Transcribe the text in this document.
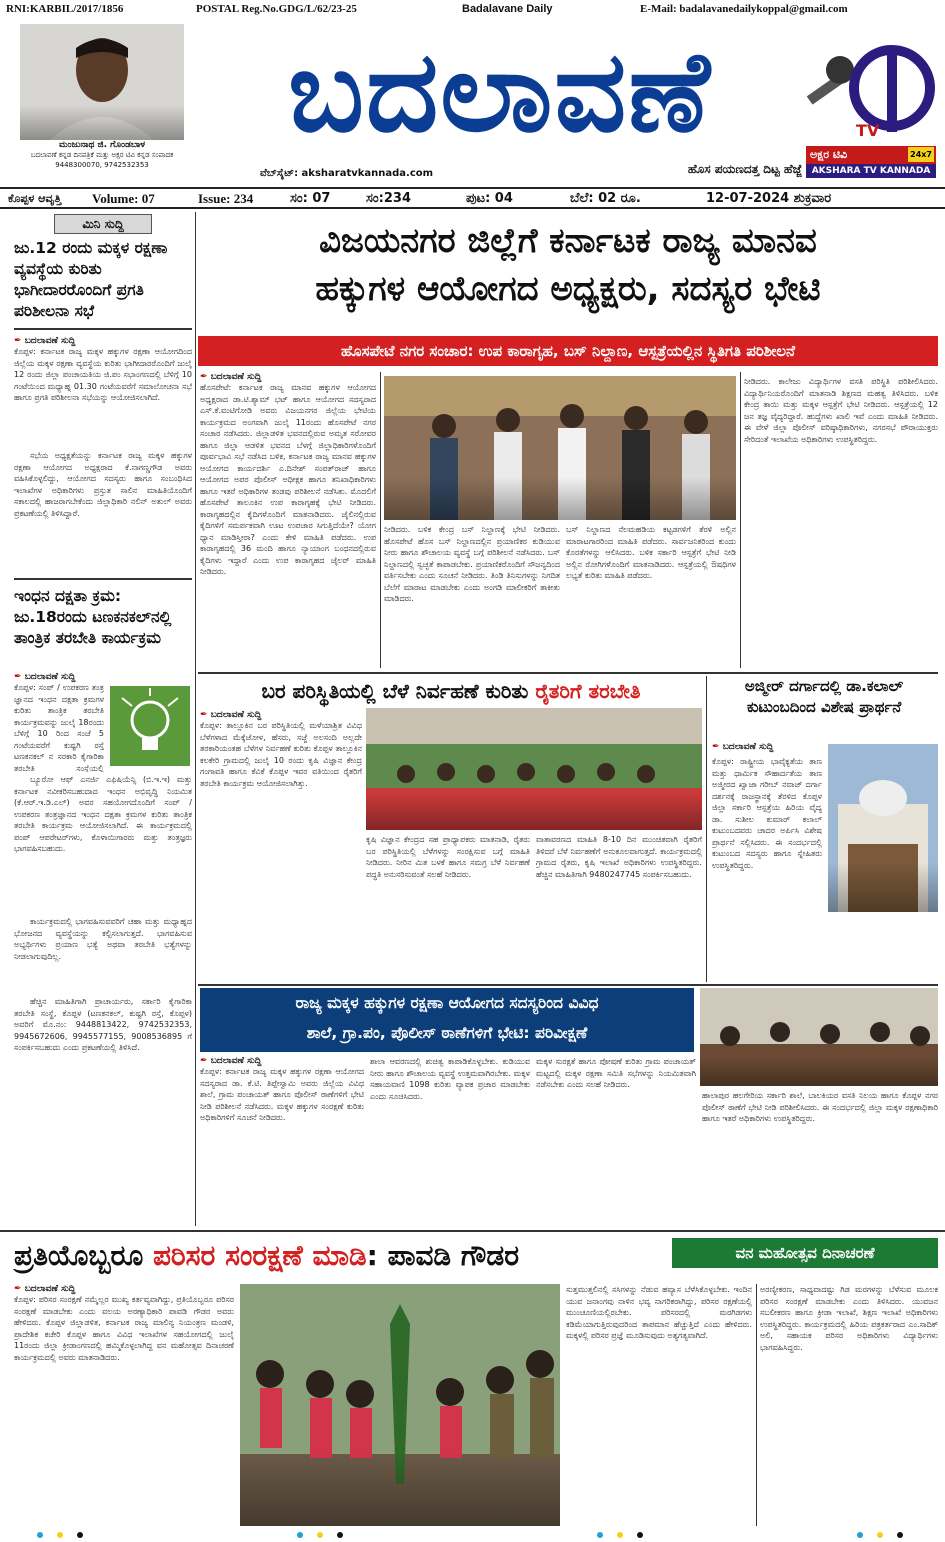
RNI:KARBIL/2017/1856	POSTAL Reg.No.GDG/L/62/23-25	Badalavane Daily	E-Mail: badalavanedailykoppal@gmail.com
ಮಂಜುನಾಥ ಜಿ. ಗೊಂಡಬಾಳ
ಬದಲಾವಣೆ ಕನ್ನಡ ದಿನಪತ್ರಿಕೆ ಮತ್ತು ಅಕ್ಷರ ಟಿವಿ ಕನ್ನಡ ಸಂಪಾದಕ
9448300070, 9742532353
ಬದಲಾವಣೆ
ವೆಬ್‌ಸೈಟ್: aksharatvkannada.com	ಹೊಸ ಪಯಣದತ್ತ ದಿಟ್ಟ ಹೆಜ್ಜೆ
TV
ಅಕ್ಷರ ಟಿವಿ	24x7
AKSHARA TV KANNADA
ಕೊಪ್ಪಳ ಆವೃತ್ತಿ Volume: 07	Issue: 234	ಸಂ: 07	ಸಂ:234	ಪುಟ: 04	ಬೆಲೆ: 02 ರೂ.	12-07-2024 ಶುಕ್ರವಾರ
ಮಿನಿ ಸುದ್ದಿ
ಜು.12 ರಂದು ಮಕ್ಕಳ ರಕ್ಷಣಾ ವ್ಯವಸ್ಥೆಯ ಕುರಿತು ಭಾಗೀದಾರರೊಂದಿಗೆ ಪ್ರಗತಿ ಪರಿಶೀಲನಾ ಸಭೆ
✒ ಬದಲಾವಣೆ ಸುದ್ದಿ
ಕೊಪ್ಪಳ: ಕರ್ನಾಟಕ ರಾಜ್ಯ ಮಕ್ಕಳ ಹಕ್ಕುಗಳ ರಕ್ಷಣಾ ಆಯೋಗದಿಂದ ಜಿಲ್ಲೆಯ ಮಕ್ಕಳ ರಕ್ಷಣಾ ವ್ಯವಸ್ಥೆಯ ಕುರಿತು ಭಾಗೀದಾರರೊಂದಿಗೆ ಜುಲೈ 12 ರಂದು ಜಿಲ್ಲಾ ಪಂಚಾಯತಿಯ ಜಿ.ಪಂ ಸಭಾಂಗಣದಲ್ಲಿ ಬೆಳಿಗ್ಗೆ 10 ಗಂಟೆಯಿಂದ ಮಧ್ಯಾಹ್ನ 01.30 ಗಂಟೆಯವರೆಗೆ ಸಮಾಲೋಚನಾ ಸಭೆ ಹಾಗೂ ಪ್ರಗತಿ ಪರಿಶೀಲನಾ ಸಭೆಯನ್ನು ಆಯೋಜಿಸಲಾಗಿದೆ.
ಸಭೆಯ ಅಧ್ಯಕ್ಷತೆಯನ್ನು ಕರ್ನಾಟಕ ರಾಜ್ಯ ಮಕ್ಕಳ ಹಕ್ಕುಗಳ ರಕ್ಷಣಾ ಆಯೋಗದ ಅಧ್ಯಕ್ಷರಾದ ಕೆ.ನಾಗಣ್ಣಗೌಡ ಅವರು ವಹಿಸಿಕೊಳ್ಳಲಿದ್ದು, ಆಯೋಗದ ಸದಸ್ಯರು ಹಾಗೂ ಸಂಬಂಧಿಸಿದ ಇಲಾಖೆಗಳ ಅಧಿಕಾರಿಗಳು ಪ್ರಸ್ತುತ ಸಾಲಿನ ಮಾಹಿತಿಯೊಂದಿಗೆ ಸಕಾಲದಲ್ಲಿ ಹಾಜರಾಗಬೇಕೆಂದು ಜಿಲ್ಲಾಧಿಕಾರಿ ನಲಿನ್ ಅತುಲ್ ಅವರು ಪ್ರಕಟಣೆಯಲ್ಲಿ ತಿಳಿಸಿದ್ದಾರೆ.
ಇಂಧನ ದಕ್ಷತಾ ಕ್ರಮ: ಜು.18ರಂದು ಟಣಕನಕಲ್‌ನಲ್ಲಿ ತಾಂತ್ರಿಕ ತರಬೇತಿ ಕಾರ್ಯಕ್ರಮ
✒ ಬದಲಾವಣೆ ಸುದ್ದಿ
ಕೊಪ್ಪಳ: ಸಂಪ್ / ಉಪಕರಣ ತಂತ್ರ ಜ್ಞಾನದ ಇಂಧನ ದಕ್ಷತಾ ಕ್ರಮಗಳ ಕುರಿತು ತಾಂತ್ರಿಕ ತರಬೇತಿ ಕಾರ್ಯಕ್ರಮವನ್ನು ಜುಲೈ 18ರಂದು ಬೆಳಿಗ್ಗೆ 10 ರಿಂದ ಸಂಜೆ 5 ಗಂಟೆಯವರೆಗೆ ಕುಷ್ಟಗಿ ರಸ್ತೆ ಟಣಕನಕಲ್ ನ ಸರಕಾರಿ ಕೈಗಾರಿಕಾ ತರಬೇತಿ ಸಂಸ್ಥೆಯಲ್ಲಿ
ಬ್ಯೂರೋ ಆಫ್ ಎನರ್ಜಿ ಎಫಿಷಿಯೆನ್ಸಿ (ಬಿ.ಇ.ಇ) ಮತ್ತು ಕರ್ನಾಟಕ ನವೀಕರಿಸಬಹುದಾದ ಇಂಧನ ಅಭಿವೃದ್ಧಿ ನಿಯಮಿತ (ಕೆ.ಆರ್.ಇ.ಡಿ.ಎಲ್) ಅವರ ಸಹಯೋಗದೊಂದಿಗೆ ಸಂಪ್ / ಉಪಕರಣ ತಂತ್ರಜ್ಞಾನದ ಇಂಧನ ದಕ್ಷತಾ ಕ್ರಮಗಳ ಕುರಿತು ತಾಂತ್ರಿಕ ತರಬೇತಿ ಕಾರ್ಯಕ್ರಮ ಆಯೋಜಿಸಲಾಗಿದೆ. ಈ ಕಾರ್ಯಕ್ರಮದಲ್ಲಿ ಪಂಪ್ ಆಪರೇಟರ್‌ಗಳು, ಕೊಳಾಯಿಗಾರರು ಮತ್ತು ತಂತ್ರಜ್ಞರು ಭಾಗವಹಿಸಬಹುದು.
ಕಾರ್ಯಕ್ರಮದಲ್ಲಿ ಭಾಗವಹಿಸುವವರಿಗೆ ಚಹಾ ಮತ್ತು ಮಧ್ಯಾಹ್ನದ ಭೋಜನದ ವ್ಯವಸ್ಥೆಯನ್ನು ಕಲ್ಪಿಸಲಾಗುತ್ತದೆ. ಭಾಗವಹಿಸುವ ಅಭ್ಯರ್ಥಿಗಳು ಪ್ರಯಾಣ ಭತ್ಯೆ ಅಥವಾ ತರಬೇತಿ ಭತ್ಯೆಗಳನ್ನು ನೀಡಲಾಗುವುದಿಲ್ಲ.
ಹೆಚ್ಚಿನ ಮಾಹಿತಿಗಾಗಿ ಪ್ರಾಚಾರ್ಯರು, ಸರ್ಕಾರಿ ಕೈಗಾರಿಕಾ ತರಬೇತಿ ಸಂಸ್ಥೆ, ಕೊಪ್ಪಳ (ಟಣಕನಕಲ್, ಕುಷ್ಟಗಿ ರಸ್ತೆ, ಕೊಪ್ಪಳ) ಅವರಿಗೆ ಮೊ.ನಂ: 9448813422, 9742532353, 9945672606, 9945577155, 9008536895 ಗೆ ಸಂಪರ್ಕಿಸಬಹುದು ಎಂದು ಪ್ರಕಟಣೆಯಲ್ಲಿ ತಿಳಿಸಿದೆ.
ವಿಜಯನಗರ ಜಿಲ್ಲೆಗೆ ಕರ್ನಾಟಕ ರಾಜ್ಯ ಮಾನವ
ಹಕ್ಕುಗಳ ಆಯೋಗದ ಅಧ್ಯಕ್ಷರು, ಸದಸ್ಯರ ಭೇಟಿ
ಹೊಸಪೇಟೆ ನಗರ ಸಂಚಾರ: ಉಪ ಕಾರಾಗೃಹ, ಬಸ್ ನಿಲ್ದಾಣ, ಆಸ್ಪತ್ರೆಯಲ್ಲಿನ ಸ್ಥಿತಿಗತಿ ಪರಿಶೀಲನೆ
✒ ಬದಲಾವಣೆ ಸುದ್ದಿ
ಹೊಸಪೇಟೆ: ಕರ್ನಾಟಕ ರಾಜ್ಯ ಮಾನವ ಹಕ್ಕುಗಳ ಆಯೋಗದ ಅಧ್ಯಕ್ಷರಾದ ಡಾ.ಟಿ.ಶ್ಯಾಮ್ ಭಟ್ ಹಾಗೂ ಆಯೋಗದ ಸದಸ್ಯರಾದ ಎಸ್.ಕೆ.ವಂಟಿಗೋಡಿ ಅವರು ವಿಜಯನಗರ ಜಿಲ್ಲೆಯ ಭೇಟಿಯ ಕಾರ್ಯಕ್ರಮದ ಅಂಗವಾಗಿ ಜುಲೈ 11ರಂದು ಹೊಸಪೇಟೆ ನಗರ ಸಂಚಾರ ನಡೆಸಿದರು. ಜಿಲ್ಲಾಡಳಿತ ಭವನದಲ್ಲಿರುವ ಅಮೃತ ಸರೋವರ ಹಾಗೂ ಜಿಲ್ಲಾ ಆಡಳಿತ ಭವನದ ಬೆಳಗ್ಗೆ ಜಿಲ್ಲಾಧಿಕಾರಿಗಳೊಂದಿಗೆ ಪೂರ್ವಭಾವಿ ಸಭೆ ನಡೆಸಿದ ಬಳಿಕ, ಕರ್ನಾಟಕ ರಾಜ್ಯ ಮಾನವ ಹಕ್ಕುಗಳ ಆಯೋಗದ ಕಾರ್ಯದರ್ಶಿ ಎ.ದಿನೇಶ್ ಸಂಪತ್‌ರಾಜ್ ಹಾಗೂ ಆಯೋಗದ ಅಪರ ಪೊಲೀಸ್ ಅಧೀಕ್ಷಕ ಹಾಗೂ ತನಿಖಾಧಿಕಾರಿಗಳು ಹಾಗೂ ಇತರೆ ಅಧಿಕಾರಿಗಳ ತಂಡವು ಪರಿಶೀಲನೆ ನಡೆಸಿತು. ಮೊದಲಿಗೆ ಹೊಸಪೇಟೆ ತಾಲೂಕಿನ ಉಪ ಕಾರಾಗೃಹಕ್ಕೆ ಭೇಟಿ ನೀಡಿದರು. ಕಾರಾಗೃಹದಲ್ಲಿನ ಕೈದಿಗಳೊಂದಿಗೆ ಮಾತನಾಡಿದರು. ಜೈಲಿನಲ್ಲಿರುವ ಕೈದಿಗಳಿಗೆ ಸಮರ್ಪಕವಾಗಿ ಊಟ ಉಪಚಾರ ಸಿಗುತ್ತಿದೆಯೇ? ಯೋಗ ಧ್ಯಾನ ಮಾಡಿಸ್ತೀರಾ? ಎಂದು ಕೇಳಿ ಮಾಹಿತಿ ಪಡೆದರು. ಉಪ ಕಾರಾಗೃಹದಲ್ಲಿ 36 ಮಂದಿ ಹಾಗೂ ನ್ಯಾಯಾಂಗ ಬಂಧನದಲ್ಲಿರುವ ಕೈದಿಗಳು ಇದ್ದಾರೆ ಎಂದು ಉಪ ಕಾರಾಗೃಹದ ಜೈಲರ್ ಮಾಹಿತಿ ನೀಡಿದರು.
ನೀಡಿದರು. ಬಳಿಕ ಕೇಂದ್ರ ಬಸ್ ನಿಲ್ದಾಣಕ್ಕೆ ಭೇಟಿ ನೀಡಿದರು. ಹೊಸಪೇಟೆ ಹೊಸ ಬಸ್ ನಿಲ್ದಾಣದಲ್ಲಿನ ಪ್ರಯಾಣಿಕರ ಕುಡಿಯುವ ನೀರು ಹಾಗೂ ಶೌಚಾಲಯ ವ್ಯವಸ್ಥೆ ಬಗ್ಗೆ ಪರಿಶೀಲನೆ ನಡೆಸಿದರು. ಬಸ್ ನಿಲ್ದಾಣದಲ್ಲಿ ಸ್ವಚ್ಛತೆ ಕಾಪಾಡಬೇಕು. ಪ್ರಯಾಣಿಕರೊಂದಿಗೆ ಸೌಜನ್ಯದಿಂದ ವರ್ತಿಸಬೇಕು ಎಂದು ಸೂಚನೆ ನೀಡಿದರು. ತಿಂಡಿ ತಿನಿಸುಗಳನ್ನು ನಿಗದಿತ ಬೆಲೆಗೆ ಮಾರಾಟ ಮಾಡಬೇಕು ಎಂದು ಅಂಗಡಿ ಮಾಲೀಕರಿಗೆ ತಾಕೀತು ಮಾಡಿದರು.
ಬಸ್ ನಿಲ್ದಾಣದ ನೆಲಮಹಡಿಯ ಕಟ್ಟಡಗಳಿಗೆ ತೆರಳಿ ಅಲ್ಲಿನ ಮಾರಾಟಗಾರರಿಂದ ಮಾಹಿತಿ ಪಡೆದರು. ಸಾರ್ವಜನಿಕರಿಂದ ಕುಂದು ಕೊರತೆಗಳನ್ನು ಆಲಿಸಿದರು. ಬಳಿಕ ಸರ್ಕಾರಿ ಆಸ್ಪತ್ರೆಗೆ ಭೇಟಿ ನೀಡಿ ಅಲ್ಲಿನ ರೋಗಿಗಳೊಂದಿಗೆ ಮಾತನಾಡಿದರು. ಆಸ್ಪತ್ರೆಯಲ್ಲಿ ಔಷಧಿಗಳ ಲಭ್ಯತೆ ಕುರಿತು ಮಾಹಿತಿ ಪಡೆದರು.
ನೀಡಿದರು. ಕಾಲೇಜು ವಿದ್ಯಾರ್ಥಿಗಳ ವಸತಿ ಪರಿಸ್ಥಿತಿ ಪರಿಶೀಲಿಸಿದರು. ವಿದ್ಯಾರ್ಥಿನಿಯರೊಂದಿಗೆ ಮಾತನಾಡಿ ಶಿಕ್ಷಣದ ಮಹತ್ವ ತಿಳಿಸಿದರು. ಬಳಿಕ ಕೇಂದ್ರ ತಾಯಿ ಮತ್ತು ಮಕ್ಕಳ ಆಸ್ಪತ್ರೆಗೆ ಭೇಟಿ ನೀಡಿದರು. ಆಸ್ಪತ್ರೆಯಲ್ಲಿ 12 ಜನ ತಜ್ಞ ವೈದ್ಯರಿದ್ದಾರೆ. ಹುದ್ದೆಗಳು ಖಾಲಿ ಇವೆ ಎಂದು ಮಾಹಿತಿ ನೀಡಿದರು. ಈ ವೇಳೆ ಜಿಲ್ಲಾ ಪೊಲೀಸ್ ವರಿಷ್ಠಾಧಿಕಾರಿಗಳು, ನಗರಸಭೆ ಪೌರಾಯುಕ್ತರು ಸೇರಿದಂತೆ ಇಲಾಖೆಯ ಅಧಿಕಾರಿಗಳು ಉಪಸ್ಥಿತರಿದ್ದರು.
ಬರ ಪರಿಸ್ಥಿತಿಯಲ್ಲಿ ಬೆಳೆ ನಿರ್ವಹಣೆ ಕುರಿತು ರೈತರಿಗೆ ತರಬೇತಿ
✒ ಬದಲಾವಣೆ ಸುದ್ದಿ
ಕೊಪ್ಪಳ: ತಾಲ್ಲೂಕಿನ ಬರ ಪರಿಸ್ಥಿತಿಯಲ್ಲಿ ಮಳೆಯಾಶ್ರಿತ ವಿವಿಧ ಬೆಳೆಗಳಾದ ಮೆಕ್ಕೆಜೋಳ, ಹೆಸರು, ಸಜ್ಜೆ ಅಲಸಂದಿ ಅಲ್ಲದೇ ತರಕಾರಿಯಂತಹ ಬೆಳೆಗಳ ನಿರ್ವಹಣೆ ಕುರಿತು ಕೊಪ್ಪಳ ತಾಲ್ಲೂಕಿನ ಕಲಕೇರಿ ಗ್ರಾಮದಲ್ಲಿ ಜುಲೈ 10 ರಂದು ಕೃಷಿ ವಿಜ್ಞಾನ ಕೇಂದ್ರ ಗಂಗಾವತಿ ಹಾಗೂ ಕೆವಿಕೆ ಕೊಪ್ಪಳ ಇವರ ವತಿಯಿಂದ ರೈತರಿಗೆ ತರಬೇತಿ ಕಾರ್ಯಕ್ರಮ ಆಯೋಜಿಸಲಾಗಿತ್ತು.
ಕೃಷಿ ವಿಜ್ಞಾನ ಕೇಂದ್ರದ ಸಹ ಪ್ರಾಧ್ಯಾಪಕರು ಮಾತನಾಡಿ, ರೈತರು ಬರ ಪರಿಸ್ಥಿತಿಯಲ್ಲಿ ಬೆಳೆಗಳನ್ನು ಸಂರಕ್ಷಿಸುವ ಬಗ್ಗೆ ಮಾಹಿತಿ ನೀಡಿದರು. ನೀರಿನ ಮಿತ ಬಳಕೆ ಹಾಗೂ ಸಮಗ್ರ ಬೆಳೆ ನಿರ್ವಹಣೆ ಪದ್ಧತಿ ಅನುಸರಿಸುವಂತೆ ಸಲಹೆ ನೀಡಿದರು.
ವಾತಾವರಣದ ಮಾಹಿತಿ 8-10 ದಿನ ಮುಂಚಿತವಾಗಿ ರೈತರಿಗೆ ತಿಳಿದರೆ ಬೆಳೆ ನಿರ್ವಹಣೆಗೆ ಅನುಕೂಲವಾಗುತ್ತದೆ. ಕಾರ್ಯಕ್ರಮದಲ್ಲಿ ಗ್ರಾಮದ ರೈತರು, ಕೃಷಿ ಇಲಾಖೆ ಅಧಿಕಾರಿಗಳು ಉಪಸ್ಥಿತರಿದ್ದರು. ಹೆಚ್ಚಿನ ಮಾಹಿತಿಗಾಗಿ 9480247745 ಸಂಪರ್ಕಿಸಬಹುದು.
ಅಜ್ಮೀರ್ ದರ್ಗಾದಲ್ಲಿ ಡಾ.ಕಲಾಲ್ ಕುಟುಂಬದಿಂದ ವಿಶೇಷ ಪ್ರಾರ್ಥನೆ
✒ ಬದಲಾವಣೆ ಸುದ್ದಿ
ಕೊಪ್ಪಳ: ರಾಷ್ಟ್ರೀಯ ಭಾವೈಕ್ಯತೆಯ ತಾಣ ಮತ್ತು ಧಾರ್ಮಿಕ ಸೌಹಾರ್ದತೆಯ ತಾಣ ಅಜ್ಮೀರದ ಖ್ವಾಜಾ ಗರೀಬ್ ನವಾಜ್ ದರ್ಗಾ ದರ್ಶನಕ್ಕೆ ರಾಜಸ್ಥಾನಕ್ಕೆ ತೆರಳಿದ ಕೊಪ್ಪಳ ಜಿಲ್ಲಾ ಸರ್ಕಾರಿ ಆಸ್ಪತ್ರೆಯ ಹಿರಿಯ ವೈದ್ಯ ಡಾ. ಸುಶೀಲ ಕುಮಾರ್ ಕಲಾಲ್ ಕುಟುಂಬದವರು ಚಾದರ ಅರ್ಪಿಸಿ ವಿಶೇಷ ಪ್ರಾರ್ಥನೆ ಸಲ್ಲಿಸಿದರು. ಈ ಸಂದರ್ಭದಲ್ಲಿ ಕುಟುಂಬದ ಸದಸ್ಯರು ಹಾಗೂ ಸ್ನೇಹಿತರು ಉಪಸ್ಥಿತರಿದ್ದರು.
ರಾಜ್ಯ ಮಕ್ಕಳ ಹಕ್ಕುಗಳ ರಕ್ಷಣಾ ಆಯೋಗದ ಸದಸ್ಯರಿಂದ ವಿವಿಧ
ಶಾಲೆ, ಗ್ರಾ.ಪಂ, ಪೊಲೀಸ್ ಠಾಣೆಗಳಿಗೆ ಭೇಟಿ: ಪರಿವೀಕ್ಷಣೆ
✒ ಬದಲಾವಣೆ ಸುದ್ದಿ
ಕೊಪ್ಪಳ: ಕರ್ನಾಟಕ ರಾಜ್ಯ ಮಕ್ಕಳ ಹಕ್ಕುಗಳ ರಕ್ಷಣಾ ಆಯೋಗದ ಸದಸ್ಯರಾದ ಡಾ. ಕೆ.ಟಿ. ತಿಪ್ಪೇಸ್ವಾಮಿ ಅವರು ಜಿಲ್ಲೆಯ ವಿವಿಧ ಶಾಲೆ, ಗ್ರಾಮ ಪಂಚಾಯತ್ ಹಾಗೂ ಪೊಲೀಸ್ ಠಾಣೆಗಳಿಗೆ ಭೇಟಿ ನೀಡಿ ಪರಿಶೀಲನೆ ನಡೆಸಿದರು. ಮಕ್ಕಳ ಹಕ್ಕುಗಳ ಸಂರಕ್ಷಣೆ ಕುರಿತು ಅಧಿಕಾರಿಗಳಿಗೆ ಸೂಚನೆ ನೀಡಿದರು.
ಶಾಲಾ ಆವರಣದಲ್ಲಿ ಶುಚಿತ್ವ ಕಾಪಾಡಿಕೊಳ್ಳಬೇಕು. ಕುಡಿಯುವ ನೀರು ಹಾಗೂ ಶೌಚಾಲಯ ವ್ಯವಸ್ಥೆ ಉತ್ತಮವಾಗಿರಬೇಕು. ಮಕ್ಕಳ ಸಹಾಯವಾಣಿ 1098 ಕುರಿತು ವ್ಯಾಪಕ ಪ್ರಚಾರ ಮಾಡಬೇಕು ಎಂದು ಸೂಚಿಸಿದರು.
ಮಕ್ಕಳ ಸುರಕ್ಷತೆ ಹಾಗೂ ಪೋಷಣೆ ಕುರಿತು ಗ್ರಾಮ ಪಂಚಾಯತ್ ಮಟ್ಟದಲ್ಲಿ ಮಕ್ಕಳ ರಕ್ಷಣಾ ಸಮಿತಿ ಸಭೆಗಳನ್ನು ನಿಯಮಿತವಾಗಿ ನಡೆಸಬೇಕು ಎಂದು ಸಲಹೆ ನೀಡಿದರು.
ಹಾಲಾಪುರ ಹಲಗೇರಿಯ ಸರ್ಕಾರಿ ಶಾಲೆ, ಬಾಲಕಿಯರ ವಸತಿ ನಿಲಯ ಹಾಗೂ ಕೊಪ್ಪಳ ನಗರ ಪೊಲೀಸ್ ಠಾಣೆಗೆ ಭೇಟಿ ನೀಡಿ ಪರಿಶೀಲಿಸಿದರು. ಈ ಸಂದರ್ಭದಲ್ಲಿ ಜಿಲ್ಲಾ ಮಕ್ಕಳ ರಕ್ಷಣಾಧಿಕಾರಿ ಹಾಗೂ ಇತರೆ ಅಧಿಕಾರಿಗಳು ಉಪಸ್ಥಿತರಿದ್ದರು.
ಪ್ರತಿಯೊಬ್ಬರೂ ಪರಿಸರ ಸಂರಕ್ಷಣೆ ಮಾಡಿ: ಪಾವಡಿ ಗೌಡರ	ವನ ಮಹೋತ್ಸವ ದಿನಾಚರಣೆ
✒ ಬದಲಾವಣೆ ಸುದ್ದಿ
ಕೊಪ್ಪಳ: ಪರಿಸರ ಸಂರಕ್ಷಣೆ ನಮ್ಮೆಲ್ಲರ ಮುಖ್ಯ ಕರ್ತವ್ಯವಾಗಿದ್ದು, ಪ್ರತಿಯೊಬ್ಬರೂ ಪರಿಸರ ಸಂರಕ್ಷಣೆ ಮಾಡಬೇಕು ಎಂದು ವಲಯ ಅರಣ್ಯಾಧಿಕಾರಿ ಪಾವಡಿ ಗೌಡರ ಅವರು ಹೇಳಿದರು. ಕೊಪ್ಪಳ ಜಿಲ್ಲಾಡಳಿತ, ಕರ್ನಾಟಕ ರಾಜ್ಯ ಮಾಲಿನ್ಯ ನಿಯಂತ್ರಣ ಮಂಡಳಿ, ಪ್ರಾದೇಶಿಕ ಕಚೇರಿ ಕೊಪ್ಪಳ ಹಾಗೂ ವಿವಿಧ ಇಲಾಖೆಗಳ ಸಹಯೋಗದಲ್ಲಿ ಜುಲೈ 11ರಂದು ಜಿಲ್ಲಾ ಕ್ರೀಡಾಂಗಣದಲ್ಲಿ ಹಮ್ಮಿಕೊಳ್ಳಲಾಗಿದ್ದ ವನ ಮಹೋತ್ಸವ ದಿನಾಚರಣೆ ಕಾರ್ಯಕ್ರಮದಲ್ಲಿ ಅವರು ಮಾತನಾಡಿದರು.
ಸುತ್ತಮುತ್ತಲಿನಲ್ಲಿ ಸಸಿಗಳನ್ನು ನೆಡುವ ಹವ್ಯಾಸ ಬೆಳೆಸಿಕೊಳ್ಳಬೇಕು. ಇಂದಿನ ಯುವ ಜನಾಂಗವು ನಾಳಿನ ಭವ್ಯ ನಾಗರಿಕರಾಗಿದ್ದು, ಪರಿಸರ ರಕ್ಷಣೆಯಲ್ಲಿ ಮುಂಚೂಣಿಯಲ್ಲಿರಬೇಕು. ಪರಿಸರದಲ್ಲಿ ಮರಗಿಡಗಳು ಕಡಿಮೆಯಾಗುತ್ತಿರುವುದರಿಂದ ತಾಪಮಾನ ಹೆಚ್ಚುತ್ತಿದೆ ಎಂದು ಹೇಳಿದರು. ಮಕ್ಕಳಲ್ಲಿ ಪರಿಸರ ಪ್ರಜ್ಞೆ ಮೂಡಿಸುವುದು ಅತ್ಯಗತ್ಯವಾಗಿದೆ.
ಅರಣ್ಯೀಕರಣ, ಸಾಧ್ಯವಾದಷ್ಟು ಗಿಡ ಮರಗಳನ್ನು ಬೆಳೆಸುವ ಮೂಲಕ ಪರಿಸರ ಸಂರಕ್ಷಣೆ ಮಾಡಬೇಕು ಎಂದು ತಿಳಿಸಿದರು. ಯುವಜನ ಸಬಲೀಕರಣ ಹಾಗೂ ಕ್ರೀಡಾ ಇಲಾಖೆ, ಶಿಕ್ಷಣ ಇಲಾಖೆ ಅಧಿಕಾರಿಗಳು ಉಪಸ್ಥಿತರಿದ್ದರು. ಕಾರ್ಯಕ್ರಮದಲ್ಲಿ ಹಿರಿಯ ಪತ್ರಕರ್ತರಾದ ಎಂ.ಸಾದಿಕ್ ಅಲಿ, ಸಹಾಯಕ ಪರಿಸರ ಅಧಿಕಾರಿಗಳು ವಿದ್ಯಾರ್ಥಿಗಳು ಭಾಗವಹಿಸಿದ್ದರು.
